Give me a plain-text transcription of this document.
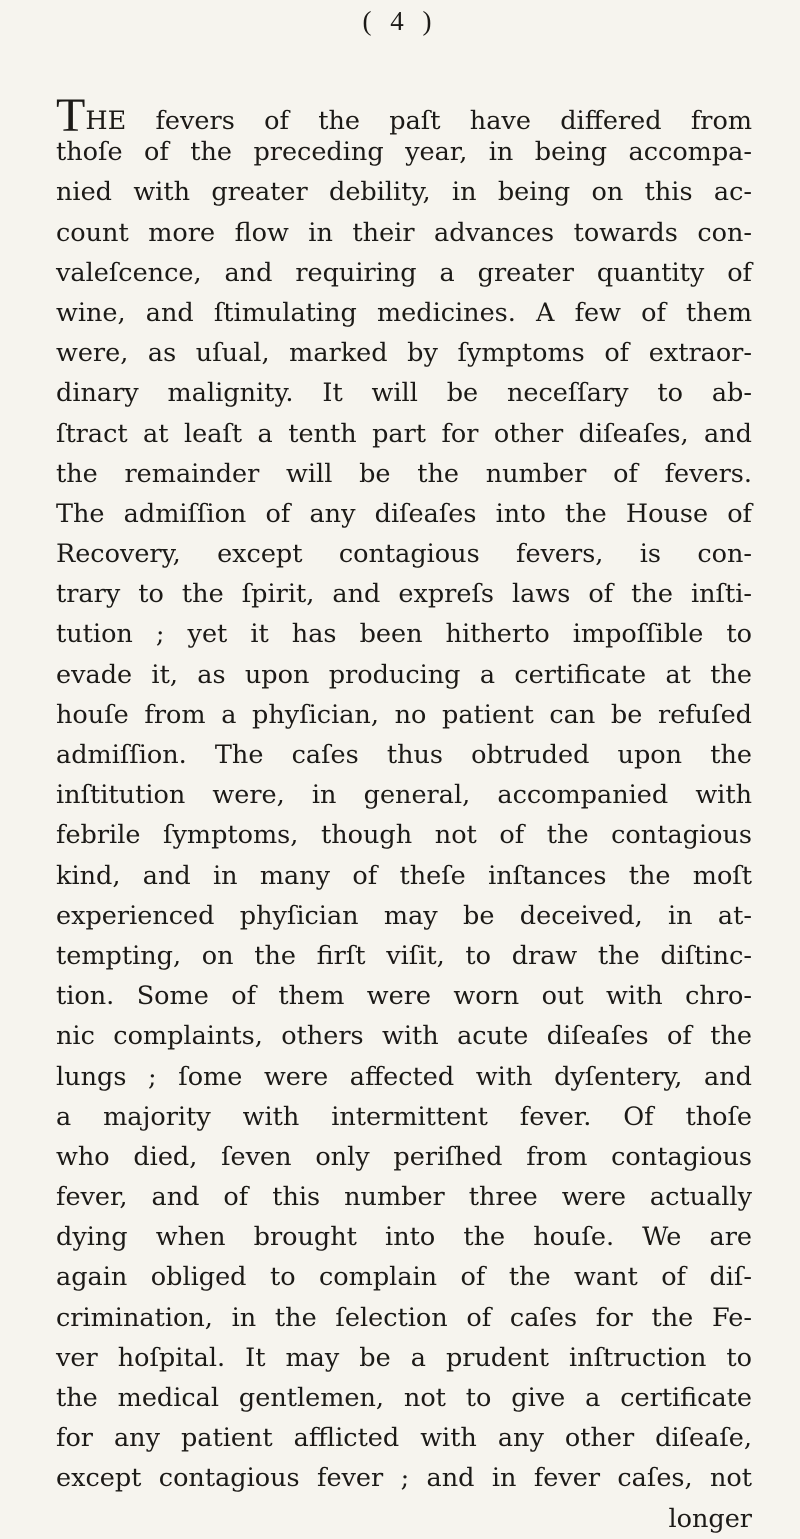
( 4 )
THE fevers of the paſt have differed from
thoſe of the preceding year, in being accompa-
nied with greater debility, in being on this ac-
count more flow in their advances towards con-
valeſcence, and requiring a greater quantity of
wine, and ſtimulating medicines. A few of them
were, as uſual, marked by ſymptoms of extraor-
dinary malignity. It will be neceſſary to ab-
ſtract at leaſt a tenth part for other diſeaſes, and
the remainder will be the number of fevers.
The admiſſion of any diſeaſes into the House of
Recovery, except contagious fevers, is con-
trary to the ſpirit, and expreſs laws of the inſti-
tution ; yet it has been hitherto impoſſible to
evade it, as upon producing a certificate at the
houſe from a phyſician, no patient can be refuſed
admiſſion. The caſes thus obtruded upon the
inſtitution were, in general, accompanied with
febrile ſymptoms, though not of the contagious
kind, and in many of theſe inſtances the moſt
experienced phyſician may be deceived, in at-
tempting, on the firſt viſit, to draw the diſtinc-
tion. Some of them were worn out with chro-
nic complaints, others with acute diſeaſes of the
lungs ; ſome were affected with dyſentery, and
a majority with intermittent fever. Of thoſe
who died, ſeven only periſhed from contagious
fever, and of this number three were actually
dying when brought into the houſe. We are
again obliged to complain of the want of diſ-
crimination, in the ſelection of caſes for the Fe-
ver hoſpital. It may be a prudent inſtruction to
the medical gentlemen, not to give a certificate
for any patient afflicted with any other diſeaſe,
except contagious fever ; and in fever caſes, not
longer
